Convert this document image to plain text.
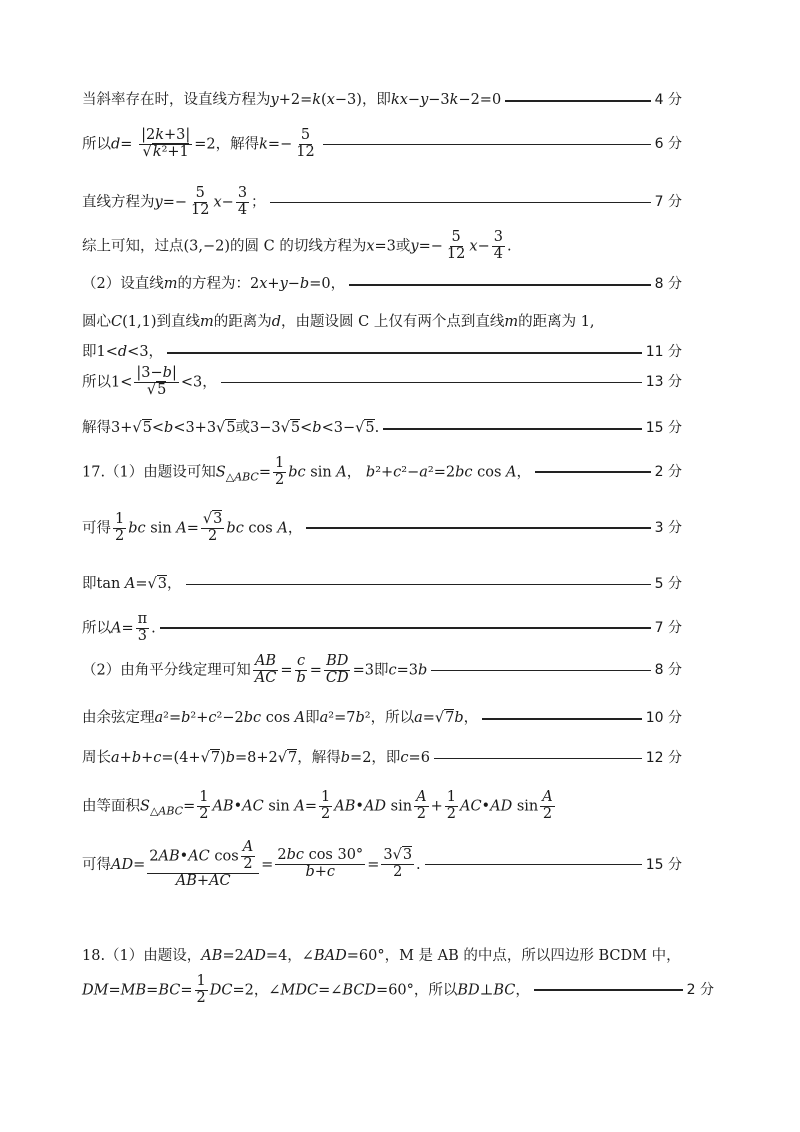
当斜率存在时，设直线方程为y+2=k(x−3)，即kx−y−3k−2=0	4 分
所以$d= \frac{|2k+3|}{\text{√k²+1}} =2$，解得$k=- \frac{5}{12}$	6 分
直线方程为$y=- \frac{5}{12} x- \frac{3}{4}$ ；	7 分
综上可知，过点(3,−2)的圆 C 的切线方程为x=3或$y=- \frac{5}{12} x- \frac{3}{4}$ .
（2）设直线m的方程为：2x+y−b=0，	8 分
圆心C(1,1)到直线m的距离为d，由题设圆 C 上仅有两个点到直线m的距离为 1,
即1<d<3，	11 分
所以$1< \frac{|3-b|}{√5} <3$，	13 分
解得3+√5<b<3+3√5或3−3√5<b<3−√5.	15 分
17.（1）由题设可知$S_{\triangle ABC}= \frac{1}{2}$ bc sin A， b²+c²−a²=2bc cos A，	2 分
可得 $\frac{1}{2}$ bc $\sin A= \frac{√3}{2}$ bc cos A，	3 分
即tan A=√3，	5 分
所以$A= \frac{\pi}{3}$ .	7 分
（2）由角平分线定理可知 $\frac{AB}{AC} = \frac{c}{b} = \frac{BD}{CD} =3$即c=3b	8 分
由余弦定理a²=b²+c²−2bc cos A即a²=7b²，所以a=√7b，	10 分
周长a+b+c=(4+√7)b=8+2√7，解得b=2，即c=6	12 分
由等面积$S_{\triangle ABC}= \frac{1}{2}$ AB•AC $\sin A= \frac{1}{2}$ AB•AD $\sin \frac{A}{2} + \frac{1}{2}$ AC•AD $\sin \frac{A}{2}$
可得$AD= \frac{2AB•AC \cos \frac{A}{2}}{AB+AC} = \frac{\text{2bc cos 30°}}{b+c} = \frac{3√3}{2}$ .	15 分
18.（1）由题设，AB=2AD=4，∠BAD=60°，M 是 AB 的中点，所以四边形 BCDM 中，
$DM=MB=BC= \frac{1}{2} DC=2$，∠MDC=∠BCD=60°，所以BD⊥BC，	2 分
